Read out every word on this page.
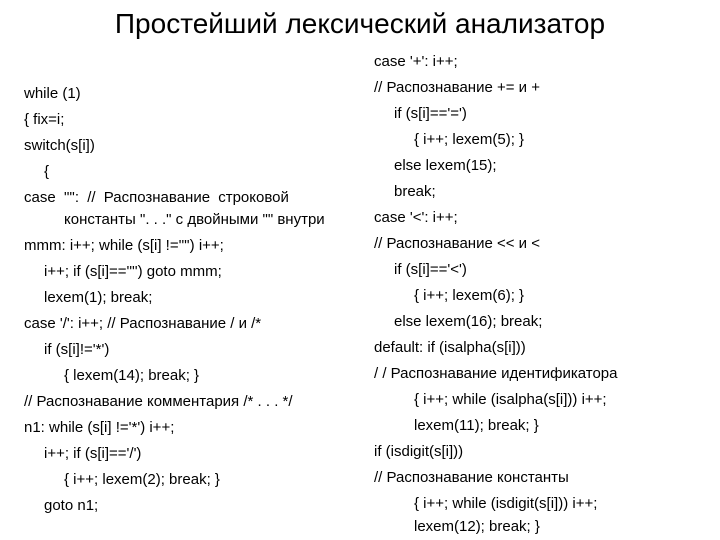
Простейший лексический анализатор
while (1)
{ fix=i;
switch(s[i])
{
case '"': // Распознавание строковой
константы ". . ." с двойными "" внутри
mmm: i++; while (s[i] !='"') i++;
i++; if (s[i]=='"') goto mmm;
lexem(1); break;
case '/': i++; // Распознавание / и /*
if (s[i]!='*')
{ lexem(14); break; }
// Распознавание комментария /* . . . */
n1: while (s[i] !='*') i++;
i++; if (s[i]=='/')
{ i++; lexem(2); break; }
goto n1;
case '+': i++;
// Распознавание += и +
if (s[i]=='=')
{ i++; lexem(5); }
else lexem(15);
break;
case '<': i++;
// Распознавание << и <
if (s[i]=='<')
{ i++; lexem(6); }
else lexem(16); break;
default: if (isalpha(s[i]))
/ / Распознавание идентификатора
{ i++; while (isalpha(s[i])) i++;
lexem(11); break; }
if (isdigit(s[i]))
// Распознавание константы
{ i++; while (isdigit(s[i])) i++;
lexem(12); break; }
